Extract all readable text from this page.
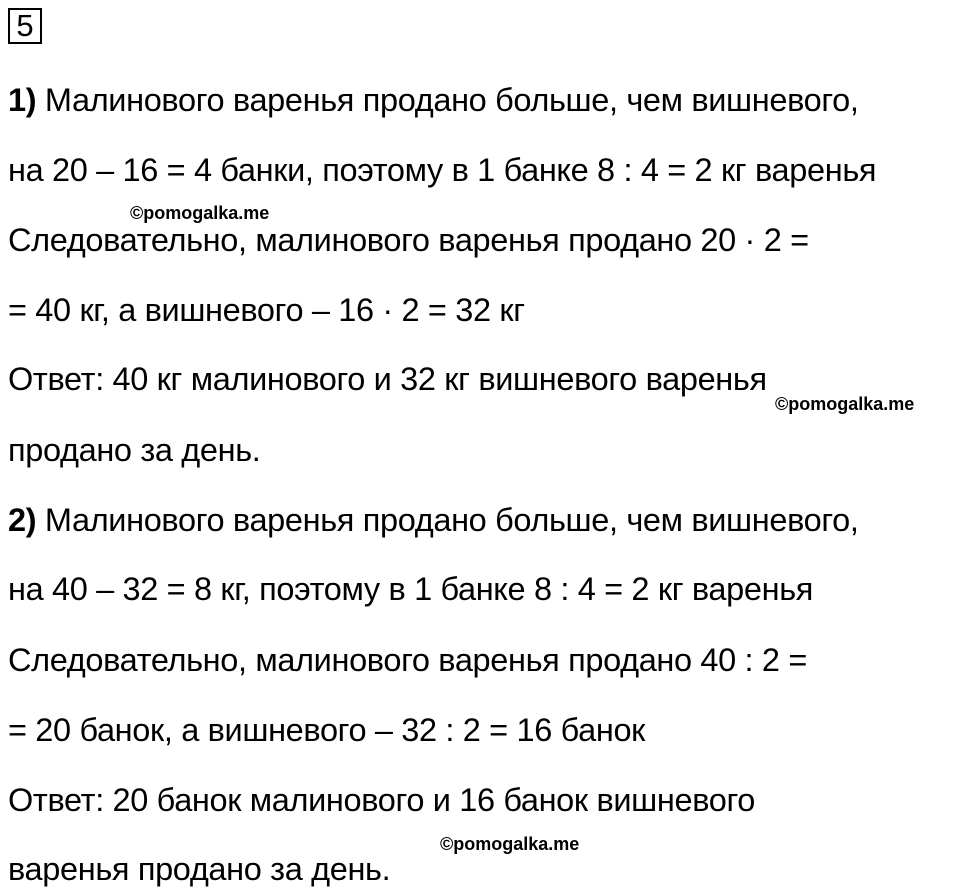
5
1) Малинового варенья продано больше, чем вишневого,
на 20 – 16 = 4 банки, поэтому в 1 банке 8 : 4 = 2 кг варенья
Следовательно, малинового варенья продано 20 · 2 =
= 40 кг, а вишневого – 16 · 2 = 32 кг
Ответ: 40 кг малинового и 32 кг вишневого варенья
продано за день.
2) Малинового варенья продано больше, чем вишневого,
на 40 – 32 = 8 кг, поэтому в 1 банке 8 : 4 = 2 кг варенья
Следовательно, малинового варенья продано 40 : 2 =
= 20 банок, а вишневого – 32 : 2 = 16 банок
Ответ: 20 банок малинового и 16 банок вишневого
варенья продано за день.
©pomogalka.me
©pomogalka.me
©pomogalka.me
